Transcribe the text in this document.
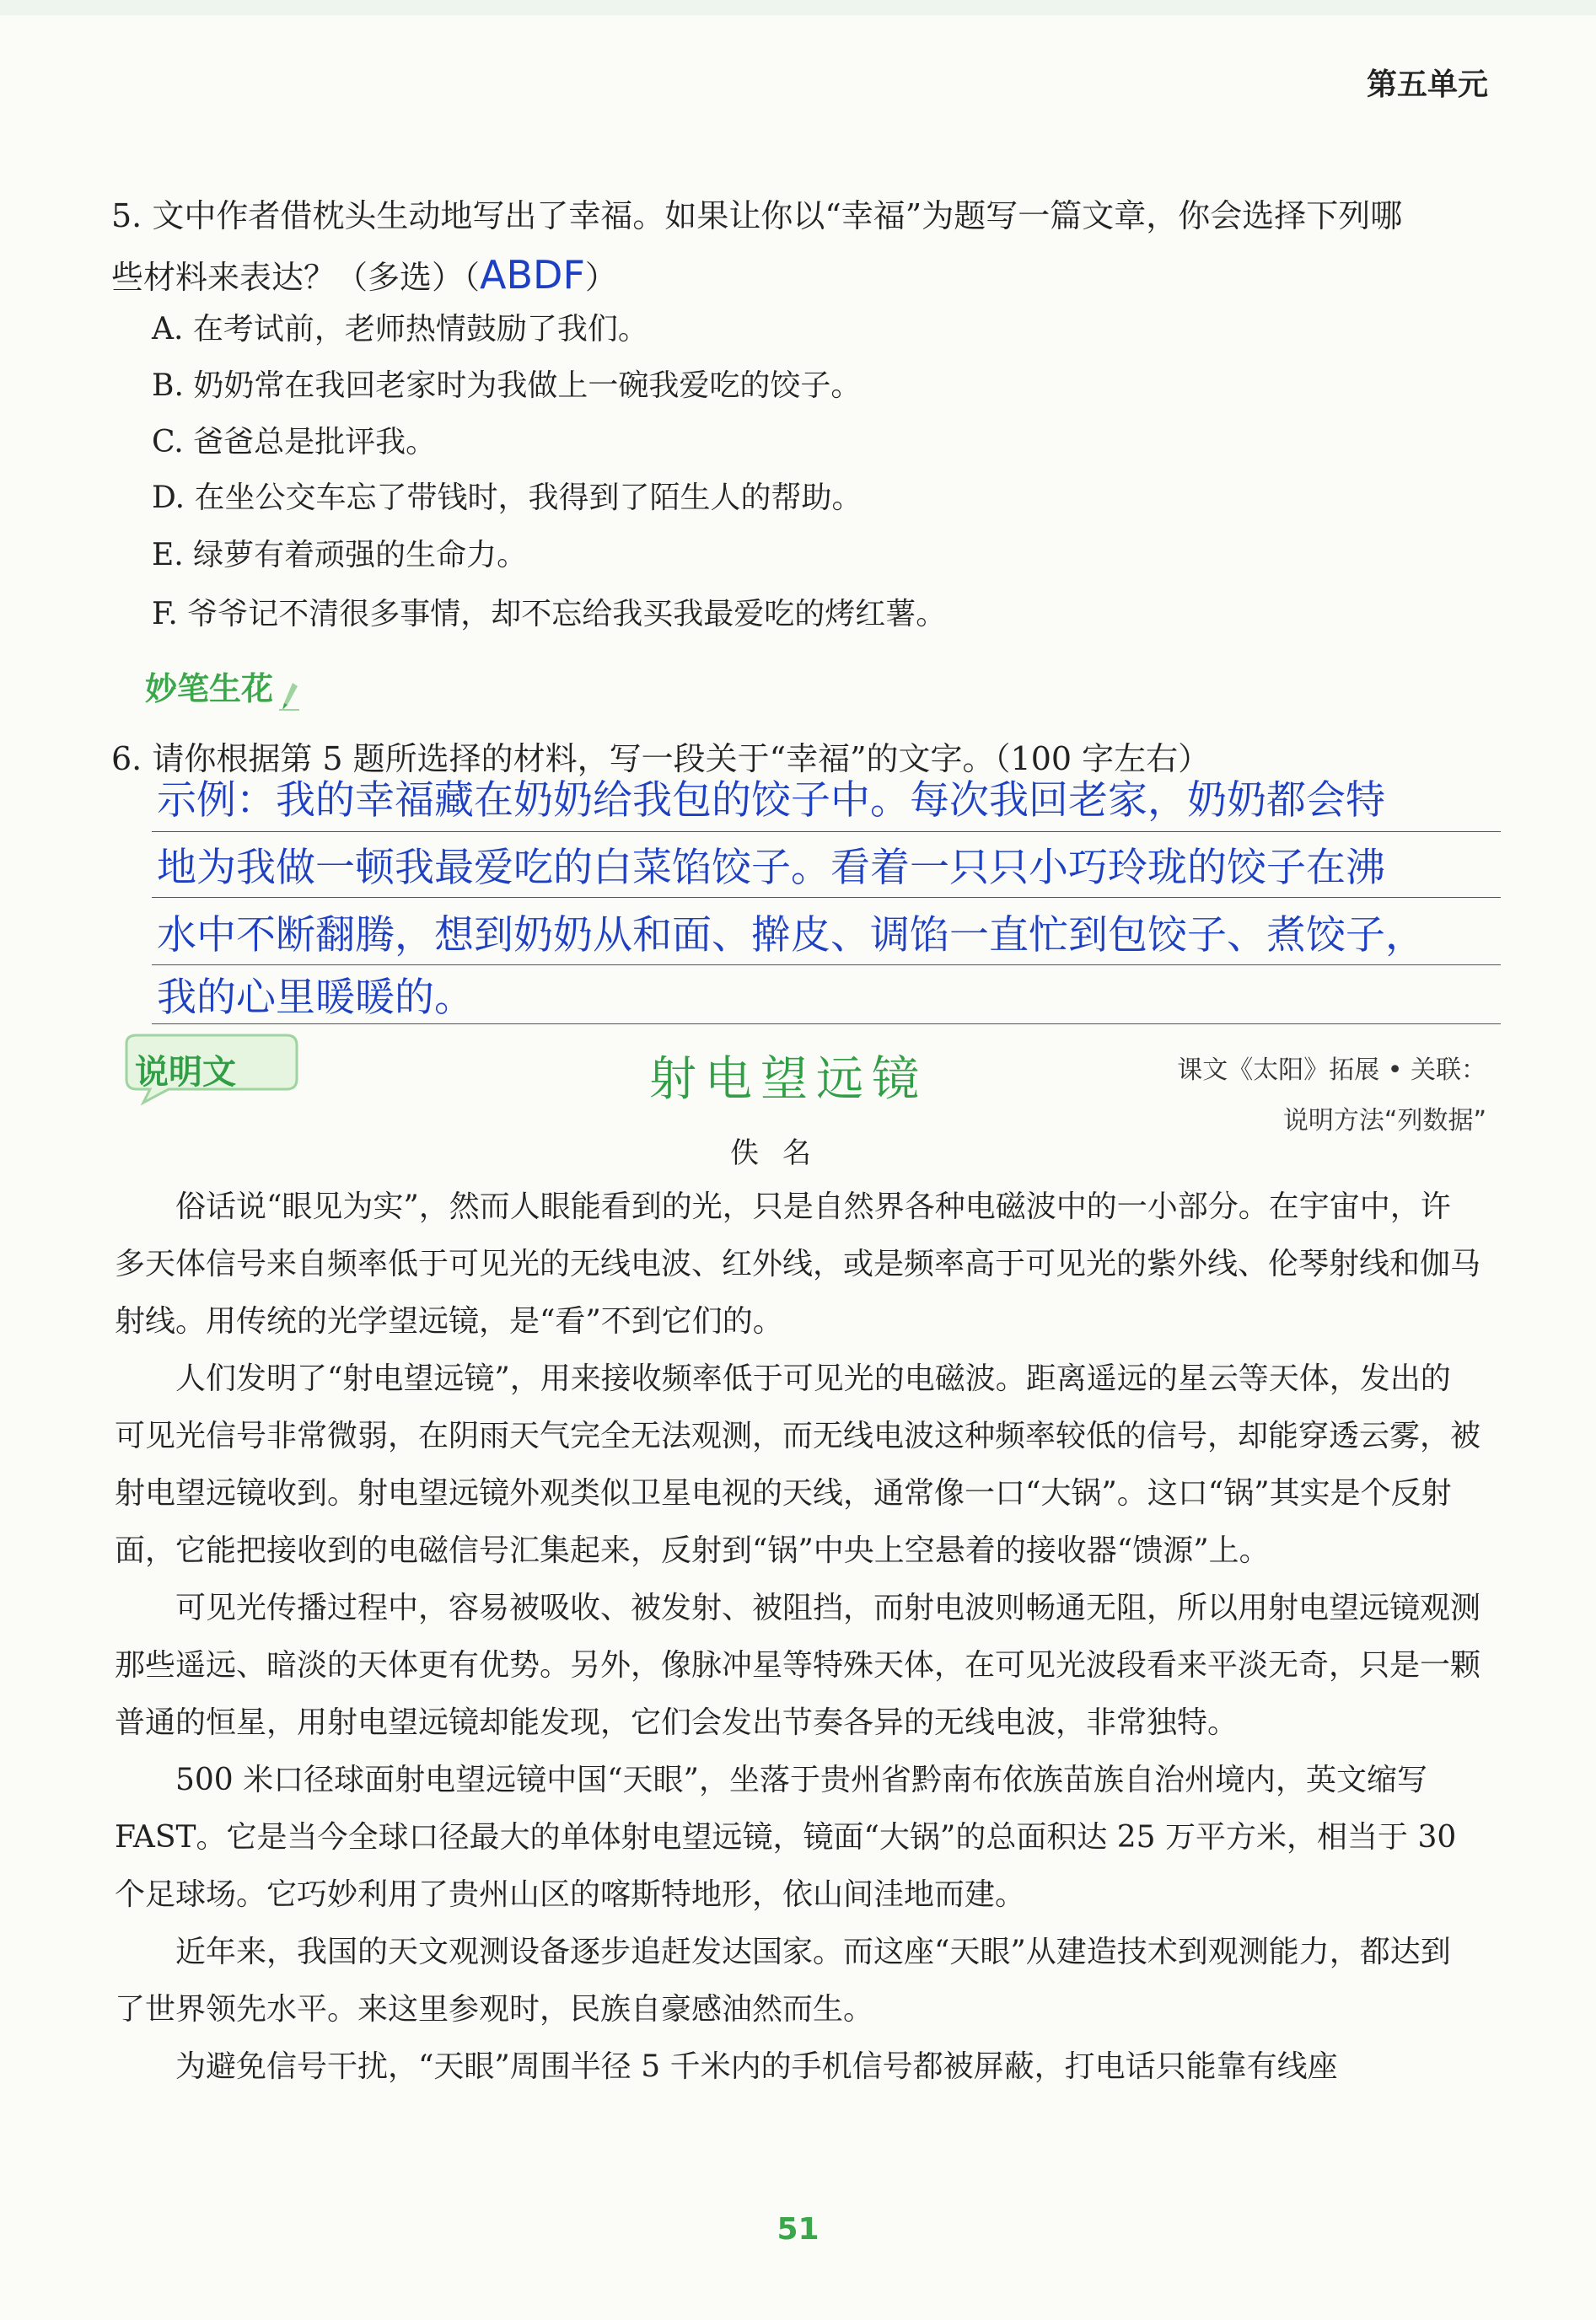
第五单元
5. 文中作者借枕头生动地写出了幸福。如果让你以“幸福”为题写一篇文章，你会选择下列哪
些材料来表达？（多选）（ABDF）
A. 在考试前，老师热情鼓励了我们。
B. 奶奶常在我回老家时为我做上一碗我爱吃的饺子。
C. 爸爸总是批评我。
D. 在坐公交车忘了带钱时，我得到了陌生人的帮助。
E. 绿萝有着顽强的生命力。
F. 爷爷记不清很多事情，却不忘给我买我最爱吃的烤红薯。
妙笔生花
6. 请你根据第 5 题所选择的材料，写一段关于“幸福”的文字。（100 字左右）
示例：我的幸福藏在奶奶给我包的饺子中。每次我回老家，奶奶都会特
地为我做一顿我最爱吃的白菜馅饺子。看着一只只小巧玲珑的饺子在沸
水中不断翻腾，想到奶奶从和面、擀皮、调馅一直忙到包饺子、煮饺子，
我的心里暖暖的。
说明文	射电望远镜	课文《太阳》拓展 • 关联：
说明方法“列数据”
佚名

俗话说“眼见为实”，然而人眼能看到的光，只是自然界各种电磁波中的一小部分。在宇宙中，许多天体信号来自频率低于可见光的无线电波、红外线，或是频率高于可见光的紫外线、伦琴射线和伽马射线。用传统的光学望远镜，是“看”不到它们的。

人们发明了“射电望远镜”，用来接收频率低于可见光的电磁波。距离遥远的星云等天体，发出的可见光信号非常微弱，在阴雨天气完全无法观测，而无线电波这种频率较低的信号，却能穿透云雾，被射电望远镜收到。射电望远镜外观类似卫星电视的天线，通常像一口“大锅”。这口“锅”其实是个反射面，它能把接收到的电磁信号汇集起来，反射到“锅”中央上空悬着的接收器“馈源”上。

可见光传播过程中，容易被吸收、被发射、被阻挡，而射电波则畅通无阻，所以用射电望远镜观测那些遥远、暗淡的天体更有优势。另外，像脉冲星等特殊天体，在可见光波段看来平淡无奇，只是一颗普通的恒星，用射电望远镜却能发现，它们会发出节奏各异的无线电波，非常独特。

500 米口径球面射电望远镜中国“天眼”，坐落于贵州省黔南布依族苗族自治州境内，英文缩写 FAST。它是当今全球口径最大的单体射电望远镜，镜面“大锅”的总面积达 25 万平方米，相当于 30 个足球场。它巧妙利用了贵州山区的喀斯特地形，依山间洼地而建。

近年来，我国的天文观测设备逐步追赶发达国家。而这座“天眼”从建造技术到观测能力，都达到了世界领先水平。来这里参观时，民族自豪感油然而生。

为避免信号干扰，“天眼”周围半径 5 千米内的手机信号都被屏蔽，打电话只能靠有线座

51
